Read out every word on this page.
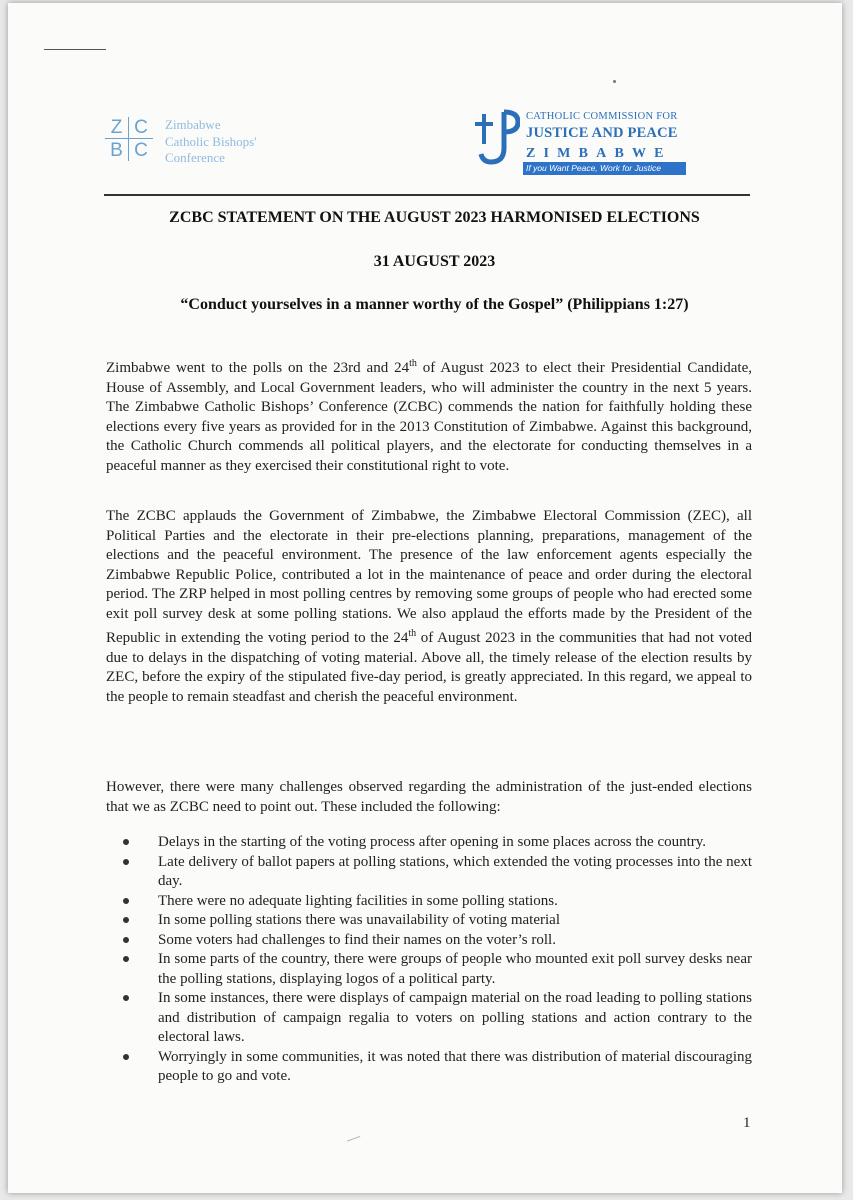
Z C
B C
Zimbabwe
Catholic Bishops'
Conference
CATHOLIC COMMISSION FOR
JUSTICE AND PEACE
ZIMBABWE
If you Want Peace, Work for Justice
ZCBC STATEMENT ON THE AUGUST 2023 HARMONISED ELECTIONS
31 AUGUST 2023
“Conduct yourselves in a manner worthy of the Gospel” (Philippians 1:27)
Zimbabwe went to the polls on the 23rd and 24th of August 2023 to elect their Presidential Candidate, House of Assembly, and Local Government leaders, who will administer the country in the next 5 years. The Zimbabwe Catholic Bishops’ Conference (ZCBC) commends the nation for faithfully holding these elections every five years as provided for in the 2013 Constitution of Zimbabwe. Against this background, the Catholic Church commends all political players, and the electorate for conducting themselves in a peaceful manner as they exercised their constitutional right to vote.
The ZCBC applauds the Government of Zimbabwe, the Zimbabwe Electoral Commission (ZEC), all Political Parties and the electorate in their pre-elections planning, preparations, management of the elections and the peaceful environment. The presence of the law enforcement agents especially the Zimbabwe Republic Police, contributed a lot in the maintenance of peace and order during the electoral period. The ZRP helped in most polling centres by removing some groups of people who had erected some exit poll survey desk at some polling stations. We also applaud the efforts made by the President of the Republic in extending the voting period to the 24th of August 2023 in the communities that had not voted due to delays in the dispatching of voting material. Above all, the timely release of the election results by ZEC, before the expiry of the stipulated five-day period, is greatly appreciated. In this regard, we appeal to the people to remain steadfast and cherish the peaceful environment.
However, there were many challenges observed regarding the administration of the just-ended elections that we as ZCBC need to point out. These included the following:
Delays in the starting of the voting process after opening in some places across the country.
Late delivery of ballot papers at polling stations, which extended the voting processes into the next day.
There were no adequate lighting facilities in some polling stations.
In some polling stations there was unavailability of voting material
Some voters had challenges to find their names on the voter’s roll.
In some parts of the country, there were groups of people who mounted exit poll survey desks near the polling stations, displaying logos of a political party.
In some instances, there were displays of campaign material on the road leading to polling stations and distribution of campaign regalia to voters on polling stations and action contrary to the electoral laws.
Worryingly in some communities, it was noted that there was distribution of material discouraging people to go and vote.
1
